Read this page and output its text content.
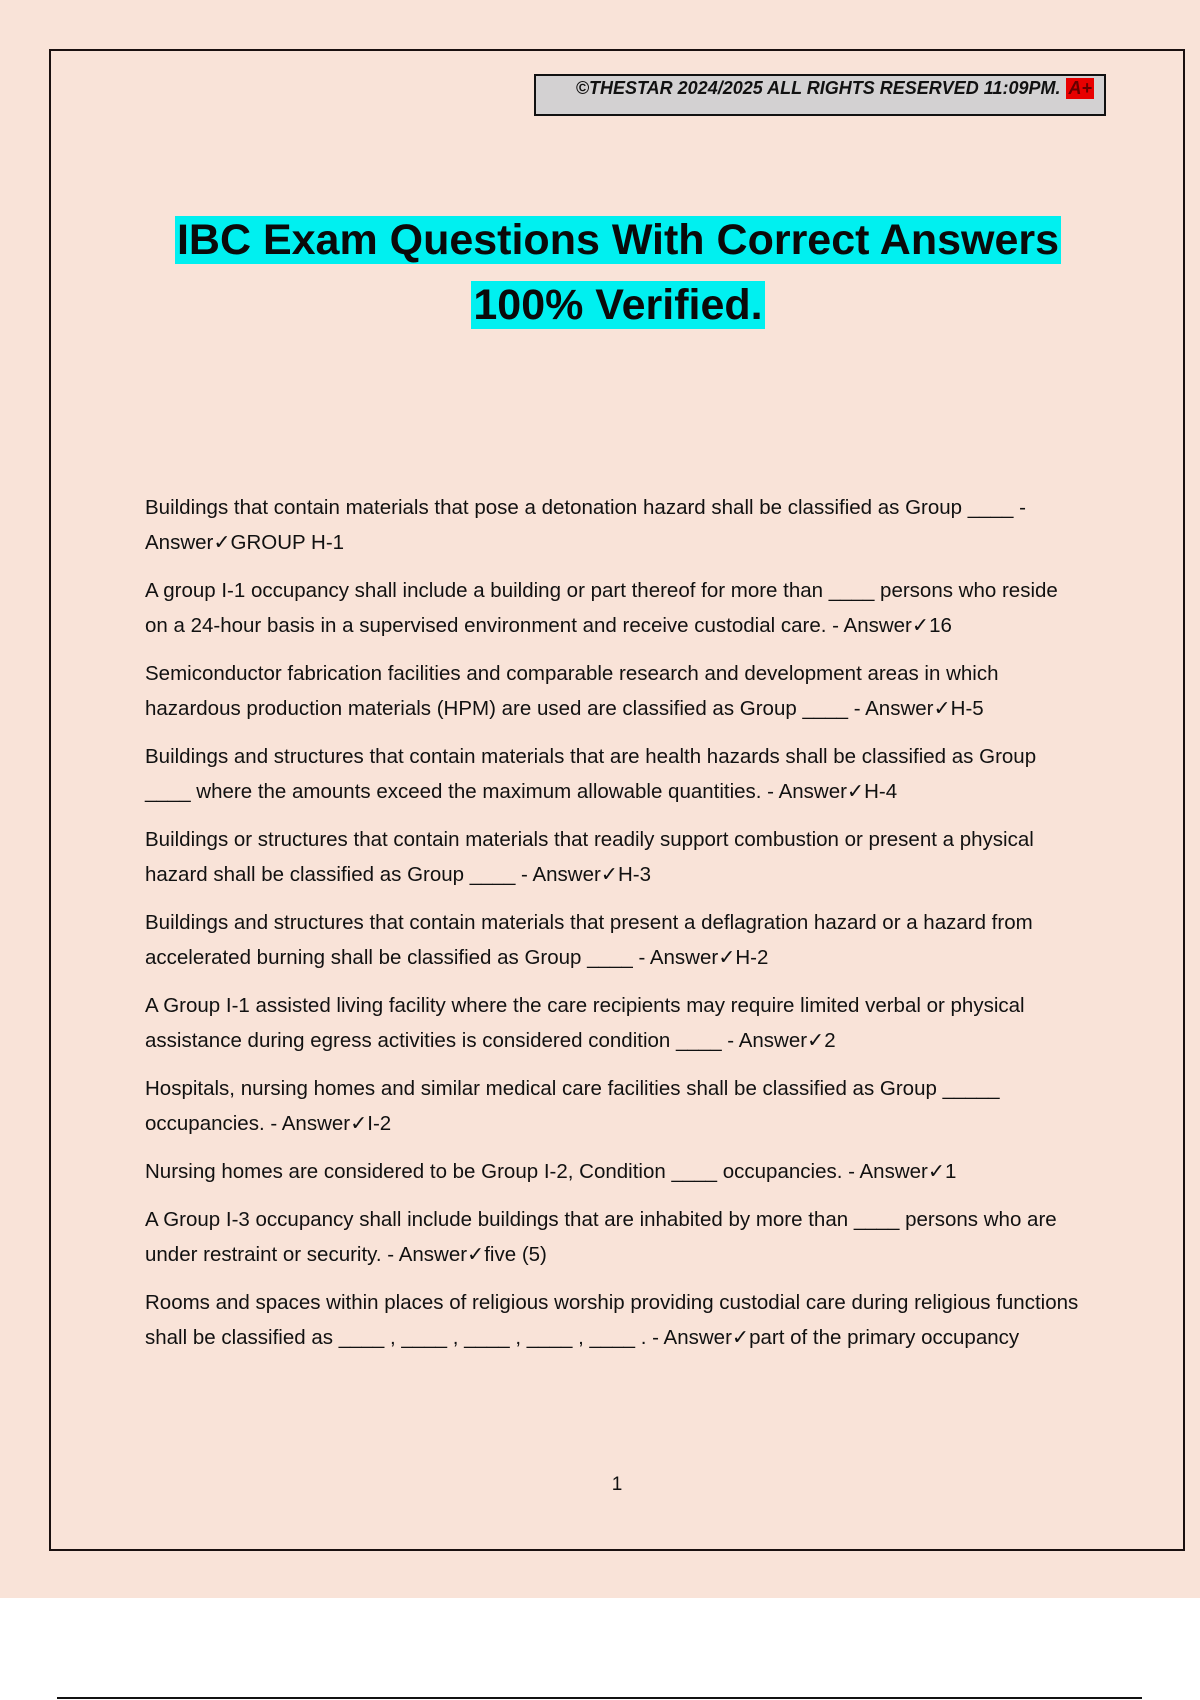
©THESTAR 2024/2025 ALL RIGHTS RESERVED 11:09PM. A+
IBC Exam Questions With Correct Answers
100% Verified.

Buildings that contain materials that pose a detonation hazard shall be classified as Group ____ - Answer✓GROUP H-1

A group I-1 occupancy shall include a building or part thereof for more than ____ persons who reside on a 24-hour basis in a supervised environment and receive custodial care. - Answer✓16

Semiconductor fabrication facilities and comparable research and development areas in which hazardous production materials (HPM) are used are classified as Group ____ - Answer✓H-5

Buildings and structures that contain materials that are health hazards shall be classified as Group ____ where the amounts exceed the maximum allowable quantities. - Answer✓H-4

Buildings or structures that contain materials that readily support combustion or present a physical hazard shall be classified as Group ____ - Answer✓H-3

Buildings and structures that contain materials that present a deflagration hazard or a hazard from accelerated burning shall be classified as Group ____ - Answer✓H-2

A Group I-1 assisted living facility where the care recipients may require limited verbal or physical assistance during egress activities is considered condition ____ - Answer✓2

Hospitals, nursing homes and similar medical care facilities shall be classified as Group _____ occupancies. - Answer✓I-2

Nursing homes are considered to be Group I-2, Condition ____ occupancies. - Answer✓1

A Group I-3 occupancy shall include buildings that are inhabited by more than ____ persons who are under restraint or security. - Answer✓five (5)

Rooms and spaces within places of religious worship providing custodial care during religious functions shall be classified as ____ , ____ , ____ , ____ , ____ . - Answer✓part of the primary occupancy

1
